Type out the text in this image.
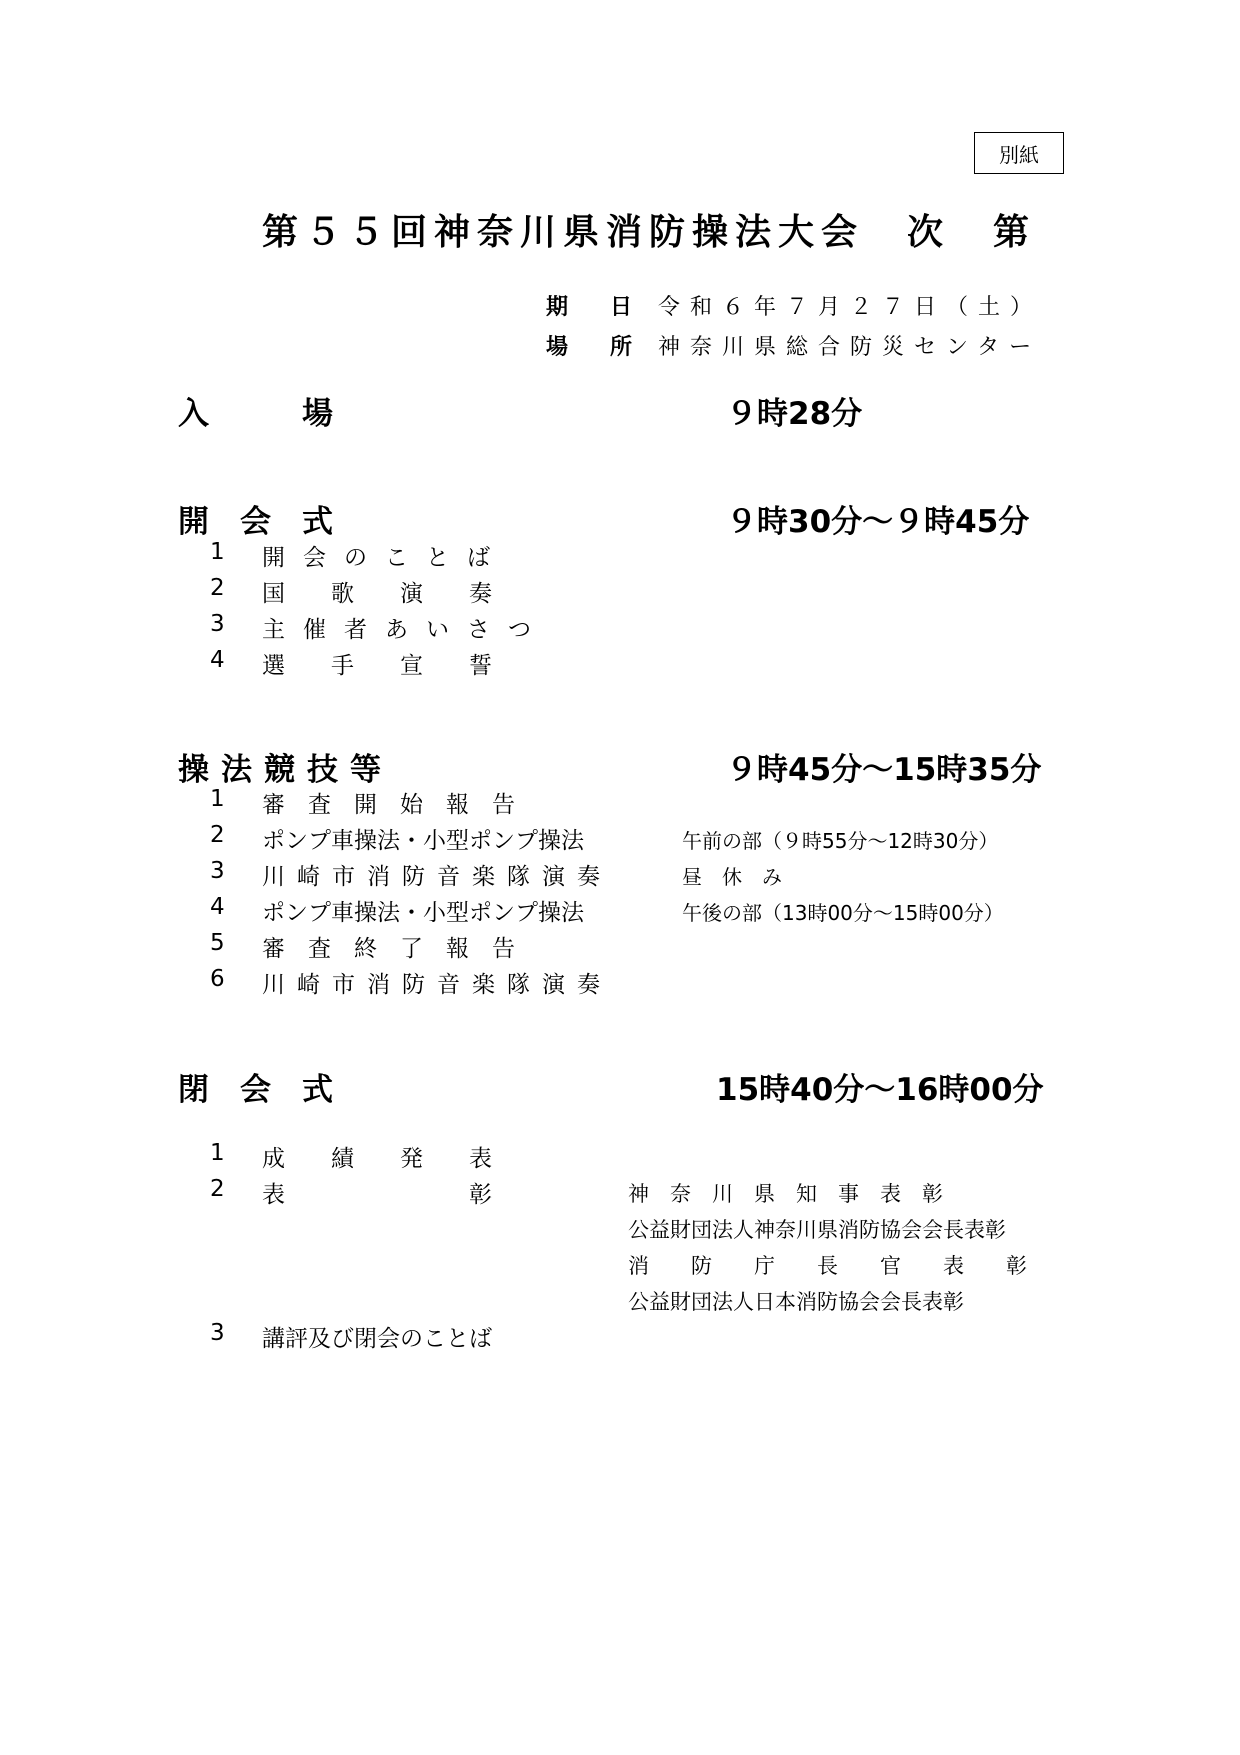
別紙
第５５回神奈川県消防操法大会　次　第
期　日 令和６年７月２７日（土）
場　所 神奈川県総合防災センター
入　　　場	９時28分
開　会　式	９時30分～９時45分
1 開会のことば
2 国　　歌　　演　　奏
3 主催者あいさつ
4 選　　手　　宣　　誓
操法競技等	９時45分～15時35分
1 審　査　開　始　報　告
2 ポンプ車操法・小型ポンプ操法	午前の部（９時55分～12時30分）
3 川崎市消防音楽隊演奏	昼　休　み
4 ポンプ車操法・小型ポンプ操法	午後の部（13時00分～15時00分）
5 審　査　終　了　報　告
6 川崎市消防音楽隊演奏
閉　会　式	15時40分～16時00分
1 成　　績　　発　　表
2 表　　　　　　　　彰	神　奈　川　県　知　事　表　彰
公益財団法人神奈川県消防協会会長表彰
消　　防　　庁　　長　　官　　表　　彰
公益財団法人日本消防協会会長表彰
3 講評及び閉会のことば
